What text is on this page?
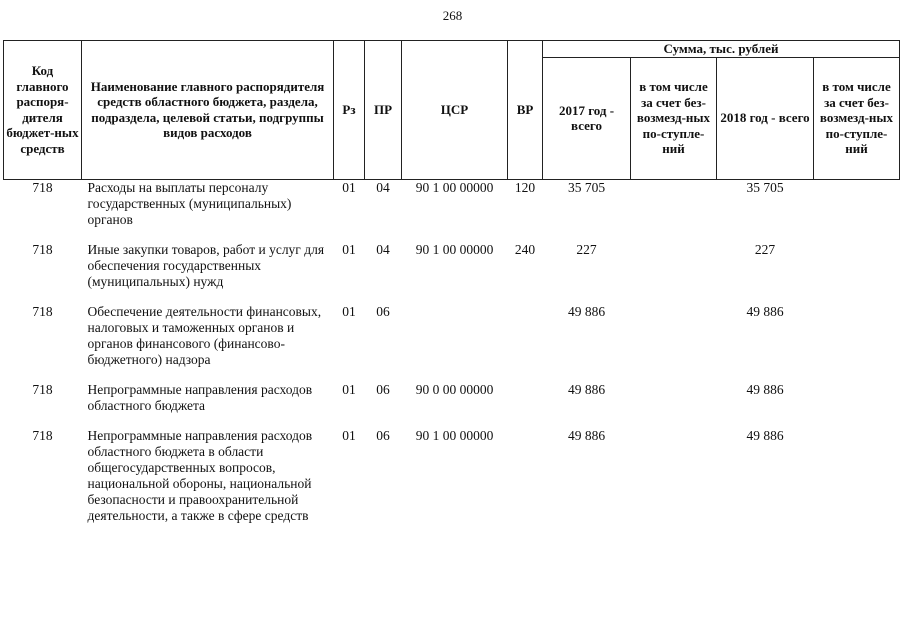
268
Код главного распоря-дителя бюджет-ных средств	Наименование главного распорядителя средств областного бюджета, раздела, подраздела, целевой статьи, подгруппы видов расходов	Рз	ПР	ЦСР	ВР	Сумма, тыс. рублей			
						2017 год - всего	в том числе за счет без-возмезд-ных по-ступле-ний	2018 год - всего	в том числе за счет без-возмезд-ных по-ступле-ний
718	Расходы на выплаты персоналу государственных (муниципальных) органов	01	04	90 1 00 00000	120	35 705		35 705	
718	Иные закупки товаров, работ и услуг для обеспечения государственных (муниципальных) нужд	01	04	90 1 00 00000	240	227		227	
718	Обеспечение деятельности финансовых, налоговых и таможенных органов и органов финансового (финансово-бюджетного) надзора	01	06			49 886		49 886	
718	Непрограммные направления расходов областного бюджета	01	06	90 0 00 00000		49 886		49 886	
718	Непрограммные направления расходов областного бюджета в области общегосударственных вопросов, национальной обороны, национальной безопасности и правоохранительной деятельности, а также в сфере средств	01	06	90 1 00 00000		49 886		49 886	
